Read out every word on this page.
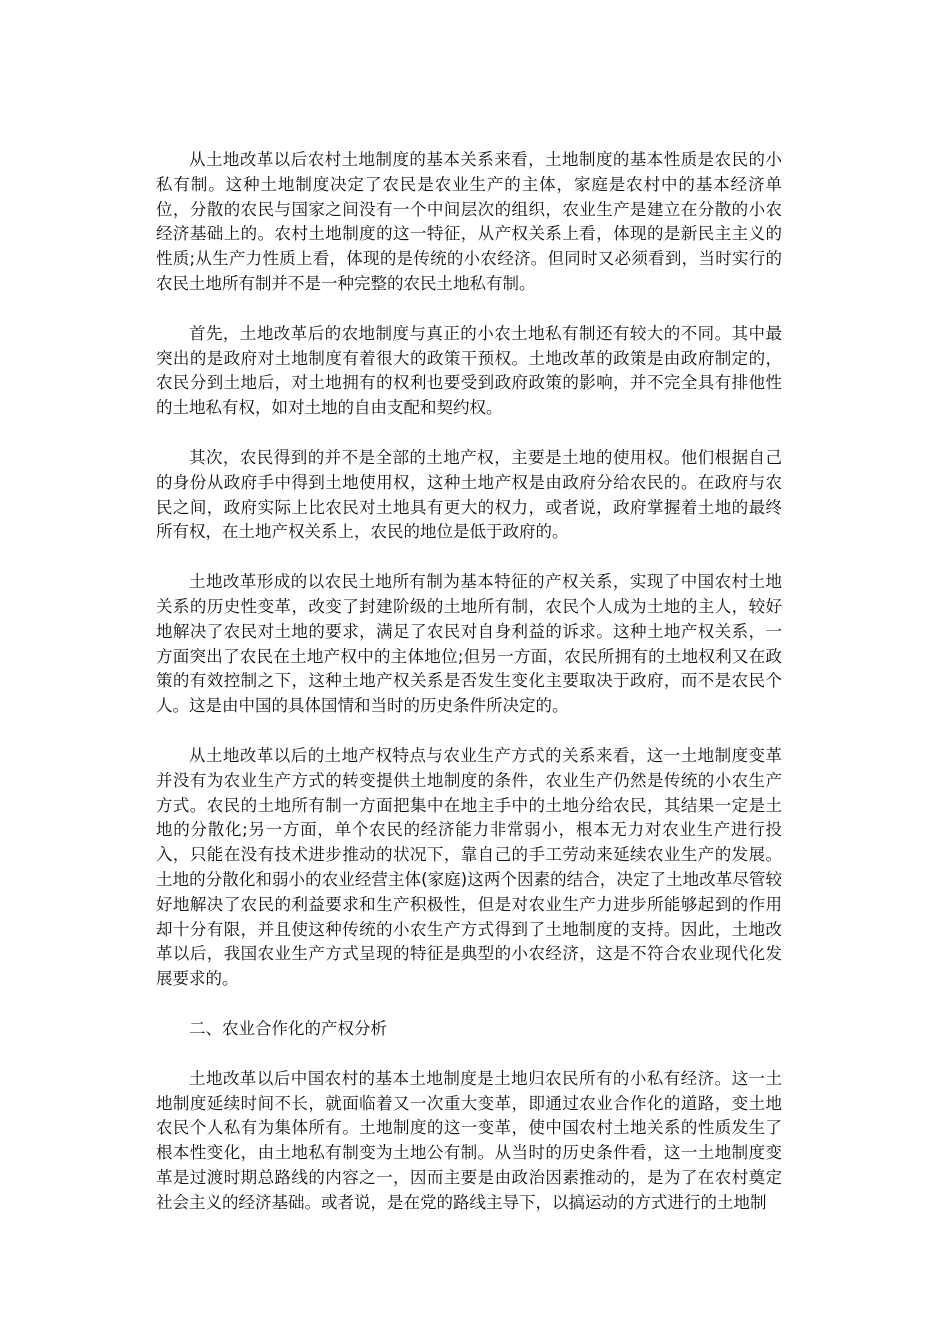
从土地改革以后农村土地制度的基本关系来看，土地制度的基本性质是农民的小私有制。这种土地制度决定了农民是农业生产的主体，家庭是农村中的基本经济单位，分散的农民与国家之间没有一个中间层次的组织，农业生产是建立在分散的小农经济基础上的。农村土地制度的这一特征，从产权关系上看，体现的是新民主主义的性质;从生产力性质上看，体现的是传统的小农经济。但同时又必须看到，当时实行的农民土地所有制并不是一种完整的农民土地私有制。

首先，土地改革后的农地制度与真正的小农土地私有制还有较大的不同。其中最突出的是政府对土地制度有着很大的政策干预权。土地改革的政策是由政府制定的，农民分到土地后，对土地拥有的权利也要受到政府政策的影响，并不完全具有排他性的土地私有权，如对土地的自由支配和契约权。

其次，农民得到的并不是全部的土地产权，主要是土地的使用权。他们根据自己的身份从政府手中得到土地使用权，这种土地产权是由政府分给农民的。在政府与农民之间，政府实际上比农民对土地具有更大的权力，或者说，政府掌握着土地的最终所有权，在土地产权关系上，农民的地位是低于政府的。

土地改革形成的以农民土地所有制为基本特征的产权关系，实现了中国农村土地关系的历史性变革，改变了封建阶级的土地所有制，农民个人成为土地的主人，较好地解决了农民对土地的要求，满足了农民对自身利益的诉求。这种土地产权关系，一方面突出了农民在土地产权中的主体地位;但另一方面，农民所拥有的土地权利又在政策的有效控制之下，这种土地产权关系是否发生变化主要取决于政府，而不是农民个人。这是由中国的具体国情和当时的历史条件所决定的。

从土地改革以后的土地产权特点与农业生产方式的关系来看，这一土地制度变革并没有为农业生产方式的转变提供土地制度的条件，农业生产仍然是传统的小农生产方式。农民的土地所有制一方面把集中在地主手中的土地分给农民，其结果一定是土地的分散化;另一方面，单个农民的经济能力非常弱小，根本无力对农业生产进行投入，只能在没有技术进步推动的状况下，靠自己的手工劳动来延续农业生产的发展。土地的分散化和弱小的农业经营主体(家庭)这两个因素的结合，决定了土地改革尽管较好地解决了农民的利益要求和生产积极性，但是对农业生产力进步所能够起到的作用却十分有限，并且使这种传统的小农生产方式得到了土地制度的支持。因此，土地改革以后，我国农业生产方式呈现的特征是典型的小农经济，这是不符合农业现代化发展要求的。

二、农业合作化的产权分析

土地改革以后中国农村的基本土地制度是土地归农民所有的小私有经济。这一土地制度延续时间不长，就面临着又一次重大变革，即通过农业合作化的道路，变土地农民个人私有为集体所有。土地制度的这一变革，使中国农村土地关系的性质发生了根本性变化，由土地私有制变为土地公有制。从当时的历史条件看，这一土地制度变革是过渡时期总路线的内容之一，因而主要是由政治因素推动的，是为了在农村奠定社会主义的经济基础。或者说，是在党的路线主导下，以搞运动的方式进行的土地制
